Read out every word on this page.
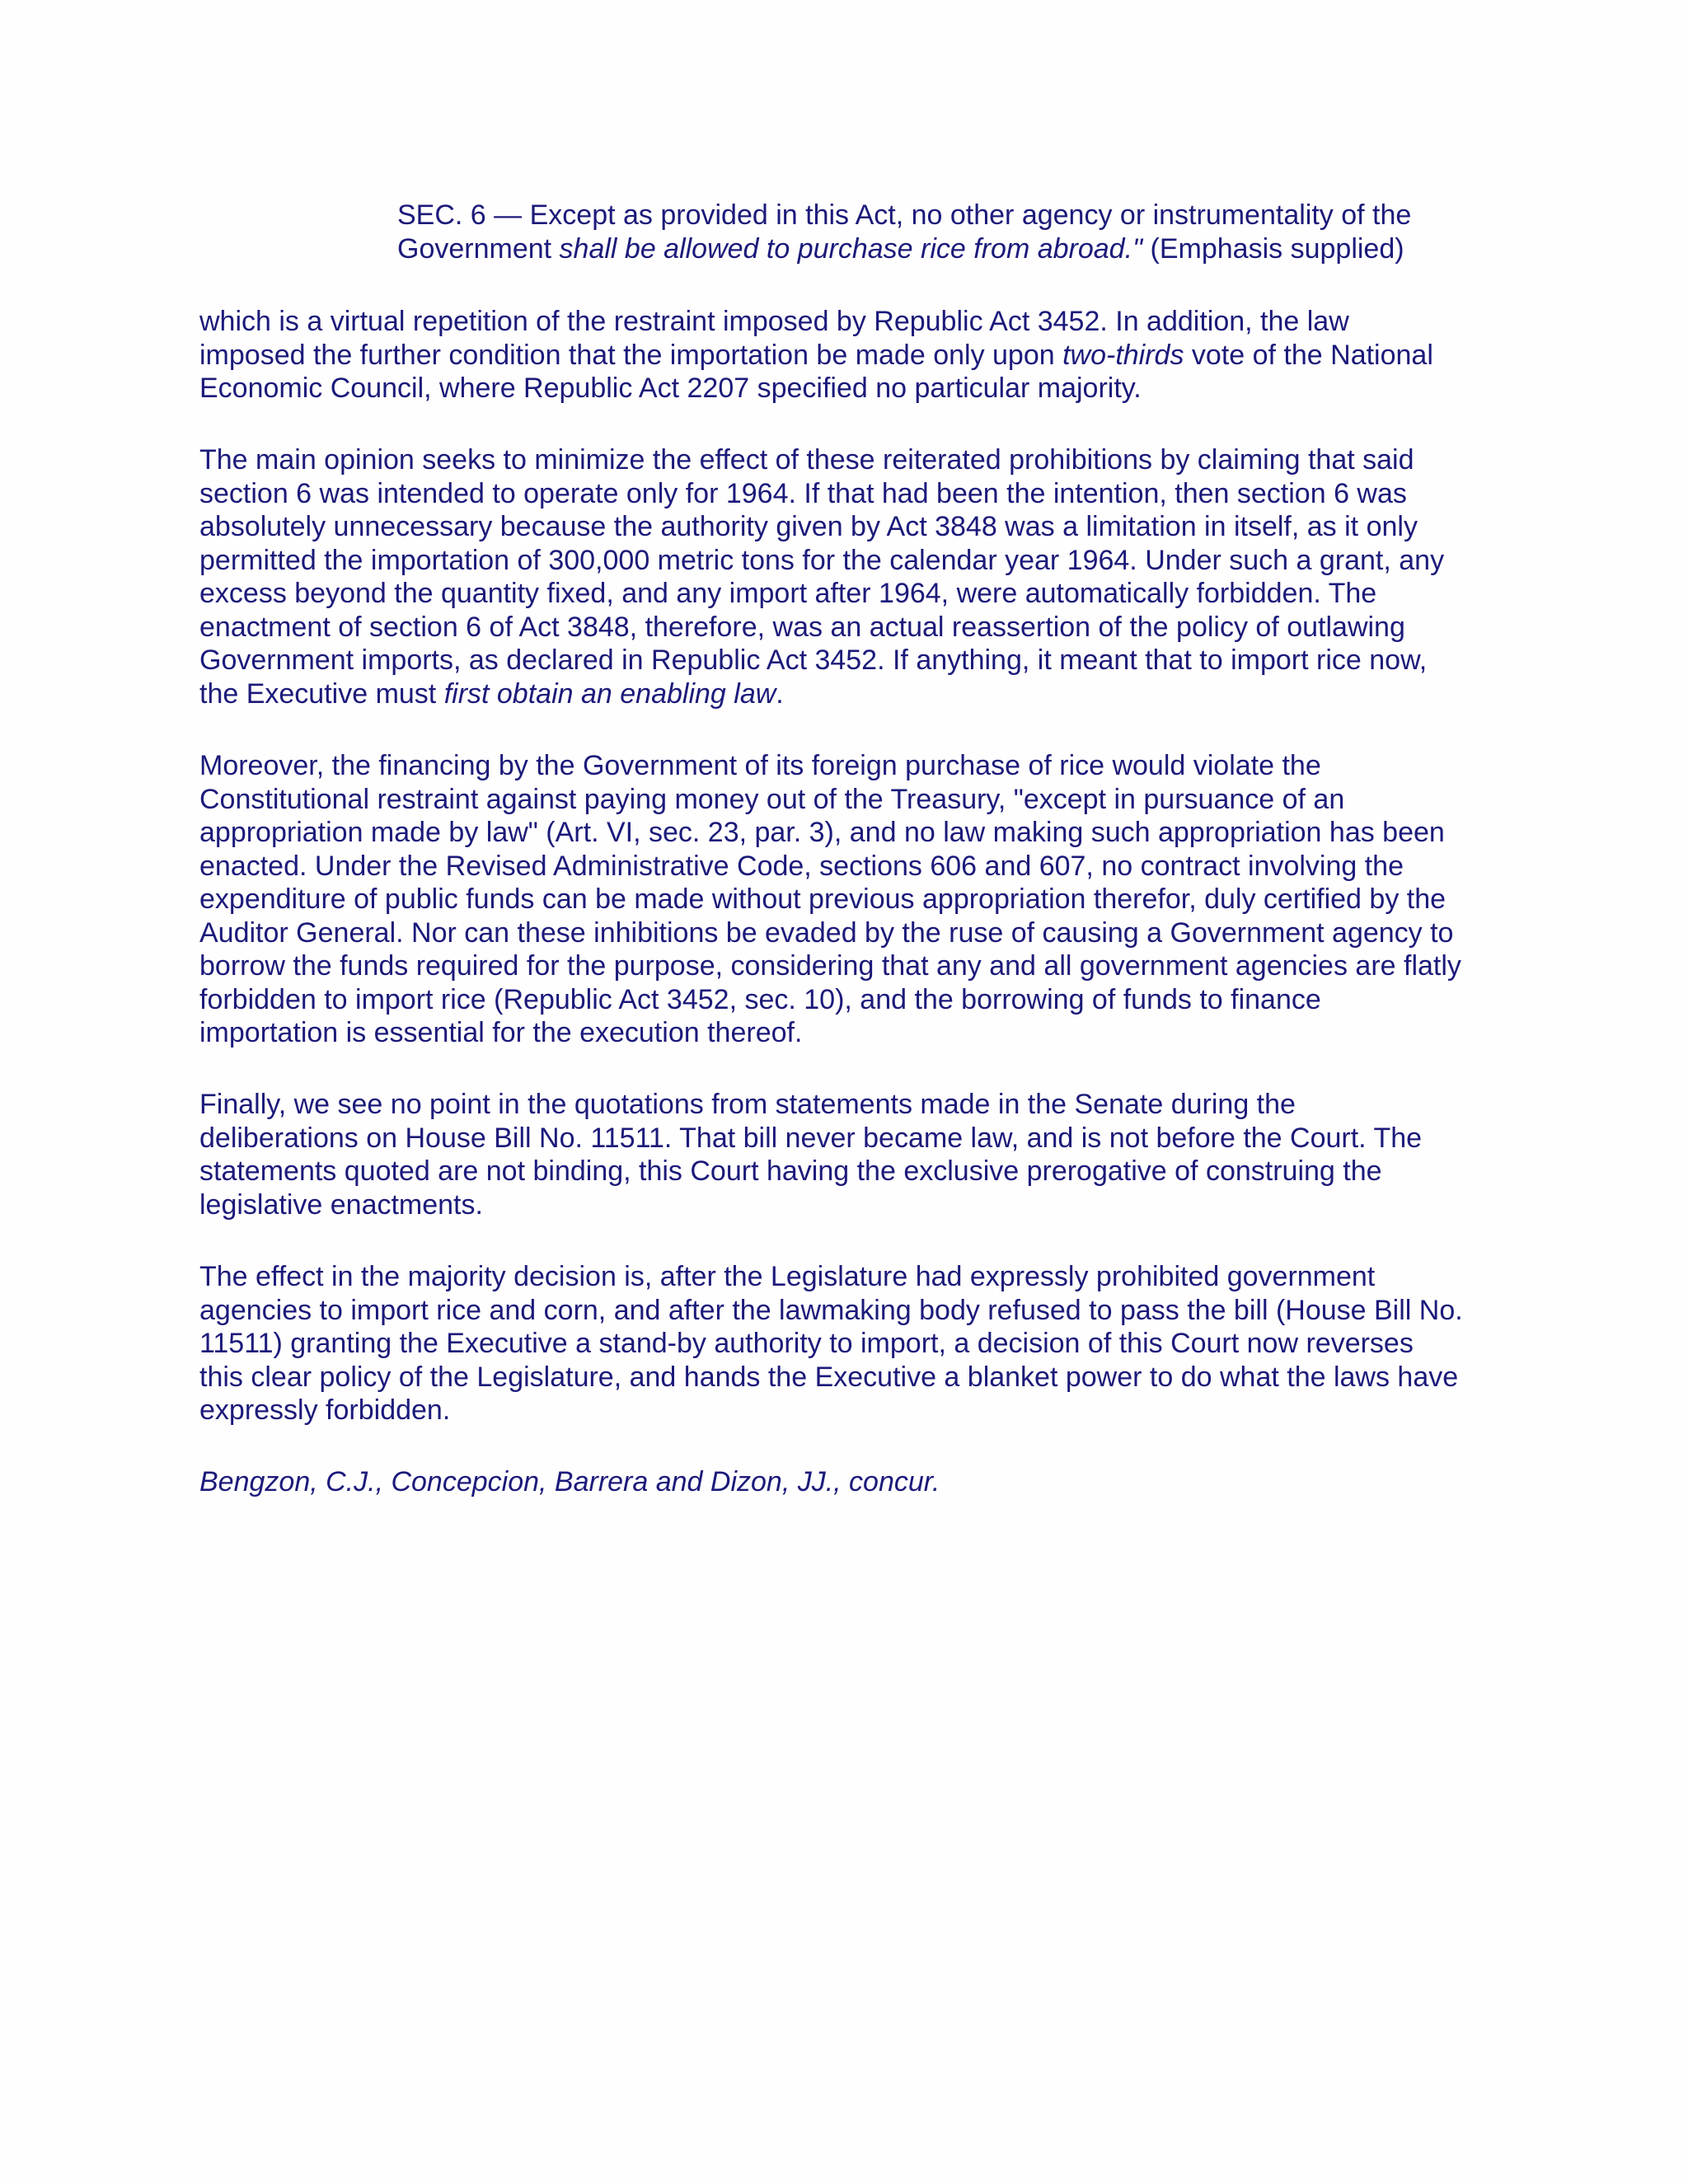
SEC. 6 — Except as provided in this Act, no other agency or instrumentality of the
Government shall be allowed to purchase rice from abroad." (Emphasis supplied)
which is a virtual repetition of the restraint imposed by Republic Act 3452. In addition, the law
imposed the further condition that the importation be made only upon two-thirds vote of the National
Economic Council, where Republic Act 2207 specified no particular majority.
The main opinion seeks to minimize the effect of these reiterated prohibitions by claiming that said
section 6 was intended to operate only for 1964. If that had been the intention, then section 6 was
absolutely unnecessary because the authority given by Act 3848 was a limitation in itself, as it only
permitted the importation of 300,000 metric tons for the calendar year 1964. Under such a grant, any
excess beyond the quantity fixed, and any import after 1964, were automatically forbidden. The
enactment of section 6 of Act 3848, therefore, was an actual reassertion of the policy of outlawing
Government imports, as declared in Republic Act 3452. If anything, it meant that to import rice now,
the Executive must first obtain an enabling law.
Moreover, the financing by the Government of its foreign purchase of rice would violate the
Constitutional restraint against paying money out of the Treasury, "except in pursuance of an
appropriation made by law" (Art. VI, sec. 23, par. 3), and no law making such appropriation has been
enacted. Under the Revised Administrative Code, sections 606 and 607, no contract involving the
expenditure of public funds can be made without previous appropriation therefor, duly certified by the
Auditor General. Nor can these inhibitions be evaded by the ruse of causing a Government agency to
borrow the funds required for the purpose, considering that any and all government agencies are flatly
forbidden to import rice (Republic Act 3452, sec. 10), and the borrowing of funds to finance
importation is essential for the execution thereof.
Finally, we see no point in the quotations from statements made in the Senate during the
deliberations on House Bill No. 11511. That bill never became law, and is not before the Court. The
statements quoted are not binding, this Court having the exclusive prerogative of construing the
legislative enactments.
The effect in the majority decision is, after the Legislature had expressly prohibited government
agencies to import rice and corn, and after the lawmaking body refused to pass the bill (House Bill No.
11511) granting the Executive a stand-by authority to import, a decision of this Court now reverses
this clear policy of the Legislature, and hands the Executive a blanket power to do what the laws have
expressly forbidden.
Bengzon, C.J., Concepcion, Barrera and Dizon, JJ., concur.
